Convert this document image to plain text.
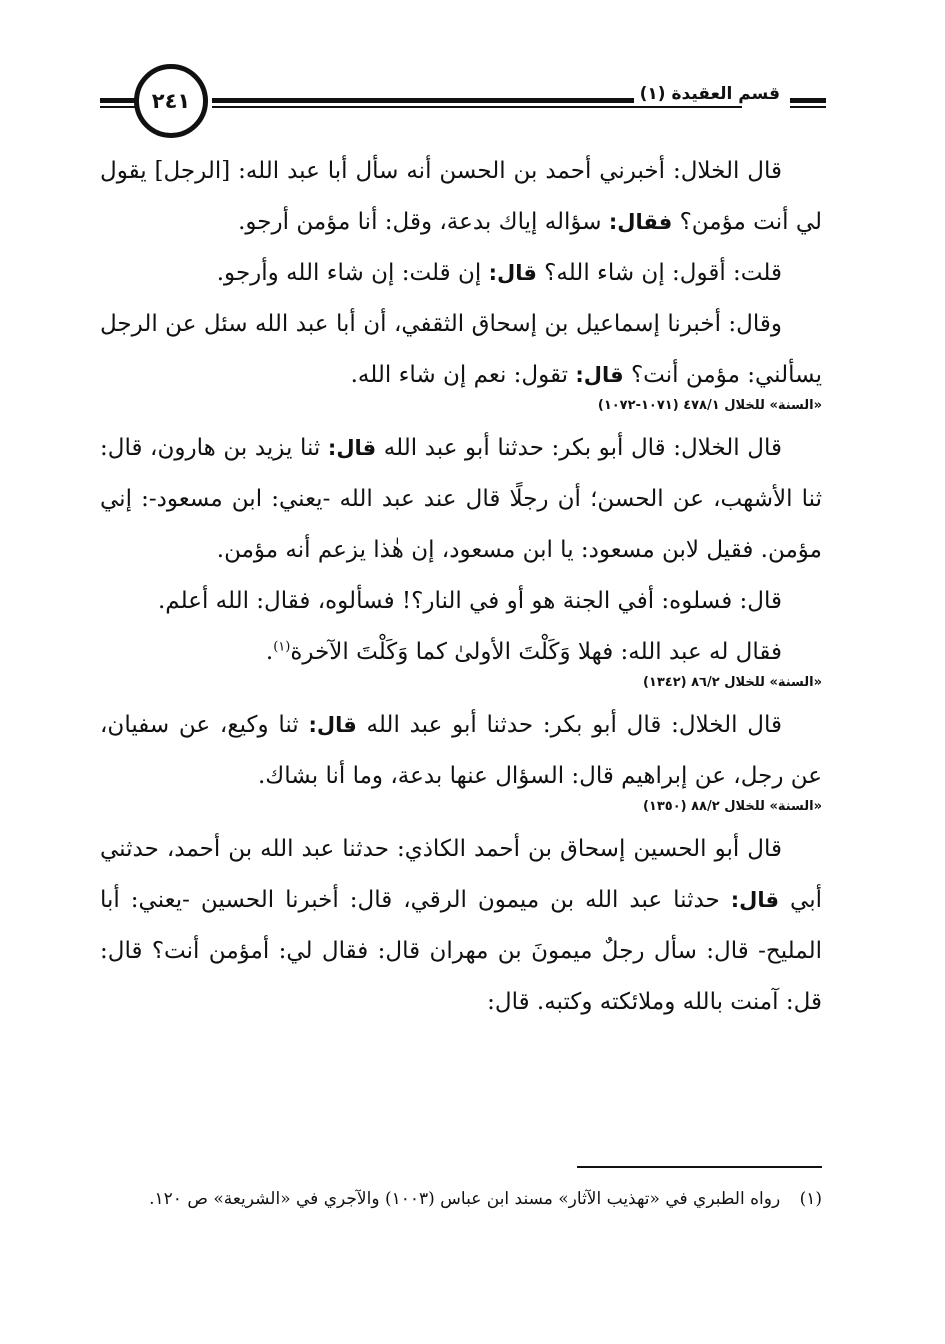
٢٤١	قسم العقيدة (١)

قال الخلال: أخبرني أحمد بن الحسن أنه سأل أبا عبد الله: [الرجل] يقول لي أنت مؤمن؟ فقال: سؤاله إياك بدعة، وقل: أنا مؤمن أرجو.

قلت: أقول: إن شاء الله؟ قال: إن قلت: إن شاء الله وأرجو.

وقال: أخبرنا إسماعيل بن إسحاق الثقفي، أن أبا عبد الله سئل عن الرجل يسألني: مؤمن أنت؟ قال: تقول: نعم إن شاء الله.

«السنة» للخلال ٤٧٨/١ (١٠٧١-١٠٧٢)

قال الخلال: قال أبو بكر: حدثنا أبو عبد الله قال: ثنا يزيد بن هارون، قال: ثنا الأشهب، عن الحسن؛ أن رجلًا قال عند عبد الله -يعني: ابن مسعود-: إني مؤمن. فقيل لابن مسعود: يا ابن مسعود، إن هٰذا يزعم أنه مؤمن.

قال: فسلوه: أفي الجنة هو أو في النار؟! فسألوه، فقال: الله أعلم.

فقال له عبد الله: فهلا وَكَلْتَ الأولىٰ كما وَكَلْتَ الآخرة$^{(١)}$.

«السنة» للخلال ٨٦/٢ (١٣٤٢)

قال الخلال: قال أبو بكر: حدثنا أبو عبد الله قال: ثنا وكيع، عن سفيان، عن رجل، عن إبراهيم قال: السؤال عنها بدعة، وما أنا بشاك.

«السنة» للخلال ٨٨/٢ (١٣٥٠)

قال أبو الحسين إسحاق بن أحمد الكاذي: حدثنا عبد الله بن أحمد، حدثني أبي قال: حدثنا عبد الله بن ميمون الرقي، قال: أخبرنا الحسين -يعني: أبا المليح- قال: سأل رجلٌ ميمونَ بن مهران قال: فقال لي: أمؤمن أنت؟ قال: قل: آمنت بالله وملائكته وكتبه. قال:

(١) رواه الطبري في «تهذيب الآثار» مسند ابن عباس (١٠٠٣) والآجري في «الشريعة» ص ١٢٠.
